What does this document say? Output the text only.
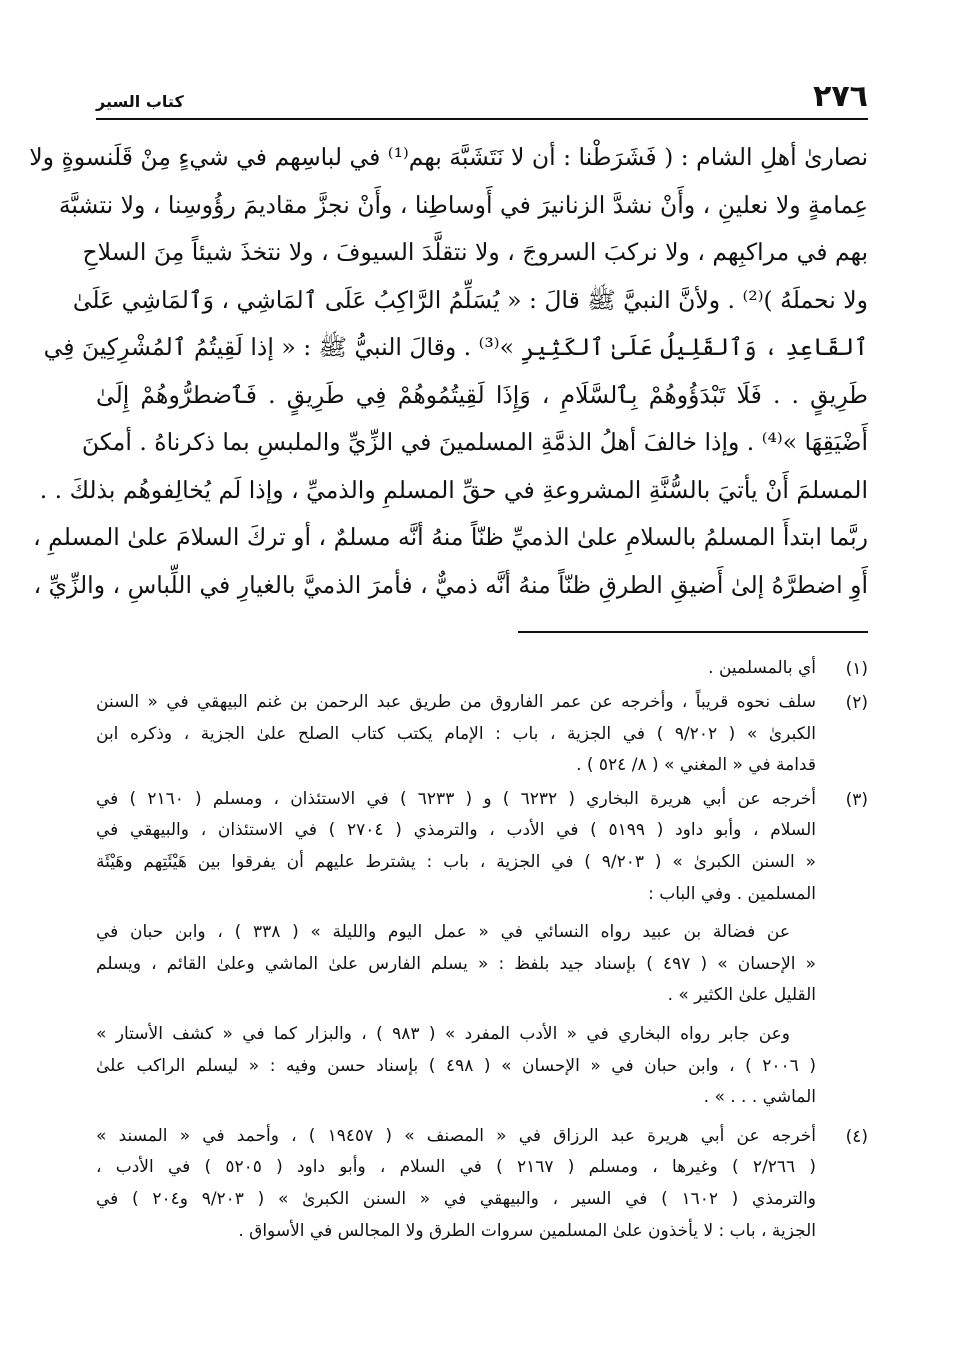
٢٧٦
كتاب السير
نصارىٰ أهلِ الشام : ( فَشَرَطْنا : أن لا نَتَشَبَّهَ بهم⁽¹⁾ في لباسِهم في شيءٍ مِنْ قَلَنسوةٍ ولا
عِمامةٍ ولا نعلينِ ، وأَنْ نشدَّ الزنانيرَ في أَوساطِنا ، وأَنْ نجزَّ مقاديمَ رؤُوسِنا ، ولا نتشبَّهَ
بهم في مراكبِهم ، ولا نركبَ السروجَ ، ولا نتقلَّدَ السيوفَ ، ولا نتخذَ شيئاً مِنَ السلاحِ
ولا نحملَهُ )⁽²⁾ . ولأنَّ النبيَّ ﷺ قالَ : « يُسَلِّمُ الرَّاكِبُ عَلَى ٱلمَاشِي ، وَٱلمَاشِي عَلَىٰ
ٱلقَاعِدِ ، وَٱلقَلِيلُ عَلَىٰ ٱلكَثِيرِ »⁽³⁾ . وقالَ النبيُّ ﷺ : « إذا لَقِيتُمُ ٱلمُشْرِكِينَ فِي
طَرِيقٍ . . فَلَا تَبْدَؤُوهُمْ بِٱلسَّلَامِ ، وَإِذَا لَقِيتُمُوهُمْ فِي طَرِيقٍ . فَٱضطرُّوهُمْ إِلَىٰ
أَضْيَقِهَا »⁽⁴⁾ . وإذا خالفَ أهلُ الذمَّةِ المسلمينَ في الزِّيِّ والملبسِ بما ذكرناهُ . أمكنَ
المسلمَ أَنْ يأتيَ بالسُّنَّةِ المشروعةِ في حقِّ المسلمِ والذميِّ ، وإذا لَم يُخالِفوهُم بذلكَ . .
ربَّما ابتدأَ المسلمُ بالسلامِ علىٰ الذميِّ ظنّاً منهُ أنَّه مسلمٌ ، أو تركَ السلامَ علىٰ المسلمِ ،
أَوِ اضطرَّهُ إلىٰ أَضيقِ الطرقِ ظنّاً منهُ أنَّه ذميٌّ ، فأمرَ الذميَّ بالغيارِ في اللِّباسِ ، والزِّيِّ ،
(١)
أي بالمسلمين .
(٢)
سلف نحوه قريباً ، وأخرجه عن عمر الفاروق من طريق عبد الرحمن بن غنم البيهقي في « السنن
الكبرىٰ » ( ٩/٢٠٢ ) في الجزية ، باب : الإمام يكتب كتاب الصلح علىٰ الجزية ، وذكره ابن
قدامة في « المغني » ( ٨/ ٥٢٤ ) .
(٣)
أخرجه عن أبي هريرة البخاري ( ٦٢٣٢ ) و ( ٦٢٣٣ ) في الاستئذان ، ومسلم ( ٢١٦٠ ) في
السلام ، وأبو داود ( ٥١٩٩ ) في الأدب ، والترمذي ( ٢٧٠٤ ) في الاستئذان ، والبيهقي في
« السنن الكبرىٰ » ( ٩/٢٠٣ ) في الجزية ، باب : يشترط عليهم أن يفرقوا بين هَيْئَتِهم وهَيْئَة
المسلمين . وفي الباب :
عن فضالة بن عبيد رواه النسائي في « عمل اليوم والليلة » ( ٣٣٨ ) ، وابن حبان في
« الإحسان » ( ٤٩٧ ) بإسناد جيد بلفظ : « يسلم الفارس علىٰ الماشي وعلىٰ القائم ، ويسلم
القليل علىٰ الكثير » .
وعن جابر رواه البخاري في « الأدب المفرد » ( ٩٨٣ ) ، والبزار كما في « كشف الأستار »
( ٢٠٠٦ ) ، وابن حبان في « الإحسان » ( ٤٩٨ ) بإسناد حسن وفيه : « ليسلم الراكب علىٰ
الماشي . . . » .
(٤)
أخرجه عن أبي هريرة عبد الرزاق في « المصنف » ( ١٩٤٥٧ ) ، وأحمد في « المسند »
( ٢/٢٦٦ ) وغيرها ، ومسلم ( ٢١٦٧ ) في السلام ، وأبو داود ( ٥٢٠٥ ) في الأدب ،
والترمذي ( ١٦٠٢ ) في السير ، والبيهقي في « السنن الكبرىٰ » ( ٩/٢٠٣ و٢٠٤ ) في
الجزية ، باب : لا يأخذون علىٰ المسلمين سروات الطرق ولا المجالس في الأسواق .
